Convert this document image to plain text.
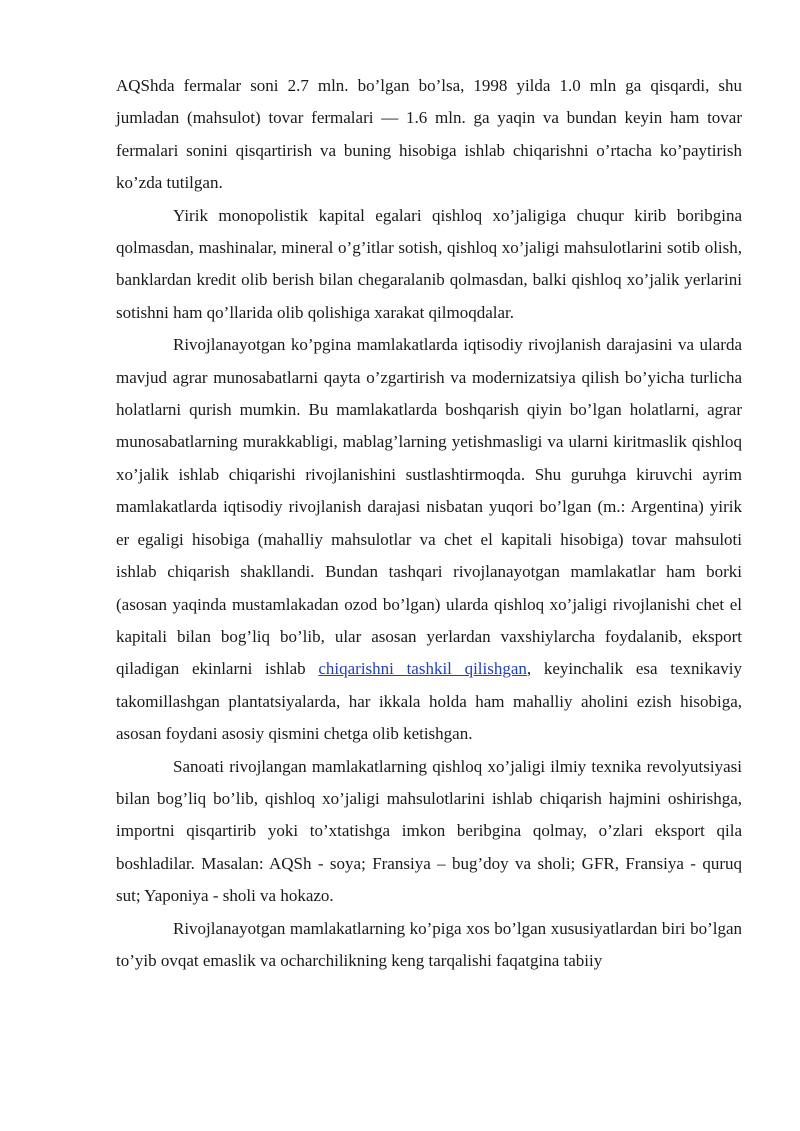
AQShda fermalar soni 2.7 mln. bo’lgan bo’lsa, 1998 yilda 1.0 mln ga qisqardi, shu jumladan (mahsulot) tovar fermalari — 1.6 mln. ga yaqin va bundan keyin ham tovar fermalari sonini qisqartirish va buning hisobiga ishlab chiqarishni o’rtacha ko’paytirish ko’zda tutilgan.

Yirik monopolistik kapital egalari qishloq xo’jaligiga chuqur kirib boribgina qolmasdan, mashinalar, mineral o’g’itlar sotish, qishloq xo’jaligi mahsulotlarini sotib olish, banklardan kredit olib berish bilan chegaralanib qolmasdan, balki qishloq xo’jalik yerlarini sotishni ham qo’llarida olib qolishiga xarakat qilmoqdalar.

Rivojlanayotgan ko’pgina mamlakatlarda iqtisodiy rivojlanish darajasini va ularda mavjud agrar munosabatlarni qayta o’zgartirish va modernizatsiya qilish bo’yicha turlicha holatlarni qurish mumkin. Bu mamlakatlarda boshqarish qiyin bo’lgan holatlarni, agrar munosabatlarning murakkabligi, mablag’larning yetishmasligi va ularni kiritmaslik qishloq xo’jalik ishlab chiqarishi rivojlanishini sustlashtirmoqda. Shu guruhga kiruvchi ayrim mamlakatlarda iqtisodiy rivojlanish darajasi nisbatan yuqori bo’lgan (m.: Argentina) yirik er egaligi hisobiga (mahalliy mahsulotlar va chet el kapitali hisobiga) tovar mahsuloti ishlab chiqarish shakllandi. Bundan tashqari rivojlanayotgan mamlakatlar ham borki (asosan yaqinda mustamlakadan ozod bo’lgan) ularda qishloq xo’jaligi rivojlanishi chet el kapitali bilan bog’liq bo’lib, ular asosan yerlardan vaxshiylarcha foydalanib, eksport qiladigan ekinlarni ishlab chiqarishni tashkil qilishgan, keyinchalik esa texnikaviy takomillashgan plantatsiyalarda, har ikkala holda ham mahalliy aholini ezish hisobiga, asosan foydani asosiy qismini chetga olib ketishgan.

Sanoati rivojlangan mamlakatlarning qishloq xo’jaligi ilmiy texnika revolyutsiyasi bilan bog’liq bo’lib, qishloq xo’jaligi mahsulotlarini ishlab chiqarish hajmini oshirishga, importni qisqartirib yoki to’xtatishga imkon beribgina qolmay, o’zlari eksport qila boshladilar. Masalan: AQSh - soya; Fransiya – bug’doy va sholi; GFR, Fransiya - quruq sut; Yaponiya - sholi va hokazo.

Rivojlanayotgan mamlakatlarning ko’piga xos bo’lgan xususiyatlardan biri bo’lgan to’yib ovqat emaslik va ocharchilikning keng tarqalishi faqatgina tabiiy
